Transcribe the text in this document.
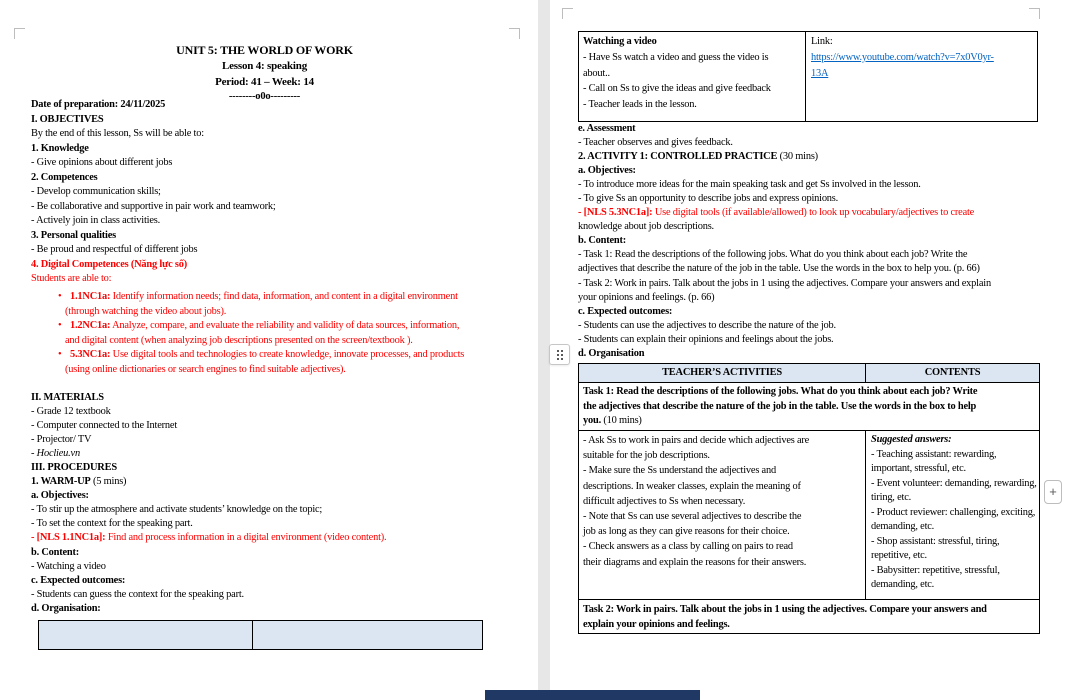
UNIT 5: THE WORLD OF WORK
Lesson 4: speaking
Period: 41 – Week: 14
--------o0o---------
Date of preparation: 24/11/2025
I. OBJECTIVES
By the end of this lesson, Ss will be able to:
1. Knowledge
- Give opinions about different jobs
2. Competences
- Develop communication skills;
- Be collaborative and supportive in pair work and teamwork;
- Actively join in class activities.
3. Personal qualities
- Be proud and respectful of different jobs
4. Digital Competences (Năng lực số)
Students are able to:
• 1.1NC1a: Identify information needs; find data, information, and content in a digital environment
(through watching the video about jobs).
• 1.2NC1a: Analyze, compare, and evaluate the reliability and validity of data sources, information,
and digital content (when analyzing job descriptions presented on the screen/textbook ).
• 5.3NC1a: Use digital tools and technologies to create knowledge, innovate processes, and products
(using online dictionaries or search engines to find suitable adjectives).
II. MATERIALS
- Grade 12 textbook
- Computer connected to the Internet
- Projector/ TV
- Hoclieu.vn
III. PROCEDURES
1. WARM-UP (5 mins)
a. Objectives:
- To stir up the atmosphere and activate students’ knowledge on the topic;
- To set the context for the speaking part.
- [NLS 1.1NC1a]: Find and process information in a digital environment (video content).
b. Content:
- Watching a video
c. Expected outcomes:
- Students can guess the context for the speaking part.
d. Organisation:
Watching a video
- Have Ss watch a video and guess the video is
about..
- Call on Ss to give the ideas and give feedback
- Teacher leads in the lesson.
Link:
https://www.youtube.com/watch?v=7x0V0yr-
13A
e. Assessment
- Teacher observes and gives feedback.
2. ACTIVITY 1: CONTROLLED PRACTICE (30 mins)
a. Objectives:
- To introduce more ideas for the main speaking task and get Ss involved in the lesson.
- To give Ss an opportunity to describe jobs and express opinions.
- [NLS 5.3NC1a]: Use digital tools (if available/allowed) to look up vocabulary/adjectives to create
knowledge about job descriptions.
b. Content:
- Task 1: Read the descriptions of the following jobs. What do you think about each job? Write the
adjectives that describe the nature of the job in the table. Use the words in the box to help you. (p. 66)
- Task 2: Work in pairs. Talk about the jobs in 1 using the adjectives. Compare your answers and explain
your opinions and feelings. (p. 66)
c. Expected outcomes:
- Students can use the adjectives to describe the nature of the job.
- Students can explain their opinions and feelings about the jobs.
d. Organisation
TEACHER’S ACTIVITIES	CONTENTS
Task 1: Read the descriptions of the following jobs. What do you think about each job? Write
the adjectives that describe the nature of the job in the table. Use the words in the box to help
you. (10 mins)
- Ask Ss to work in pairs and decide which adjectives are
suitable for the job descriptions.
- Make sure the Ss understand the adjectives and
descriptions. In weaker classes, explain the meaning of
difficult adjectives to Ss when necessary.
- Note that Ss can use several adjectives to describe the
job as long as they can give reasons for their choice.
- Check answers as a class by calling on pairs to read
their diagrams and explain the reasons for their answers.
Suggested answers:
- Teaching assistant: rewarding,
important, stressful, etc.
- Event volunteer: demanding, rewarding,
tiring, etc.
- Product reviewer: challenging, exciting,
demanding, etc.
- Shop assistant: stressful, tiring,
repetitive, etc.
- Babysitter: repetitive, stressful,
demanding, etc.
Task 2: Work in pairs. Talk about the jobs in 1 using the adjectives. Compare your answers and
explain your opinions and feelings.
+
